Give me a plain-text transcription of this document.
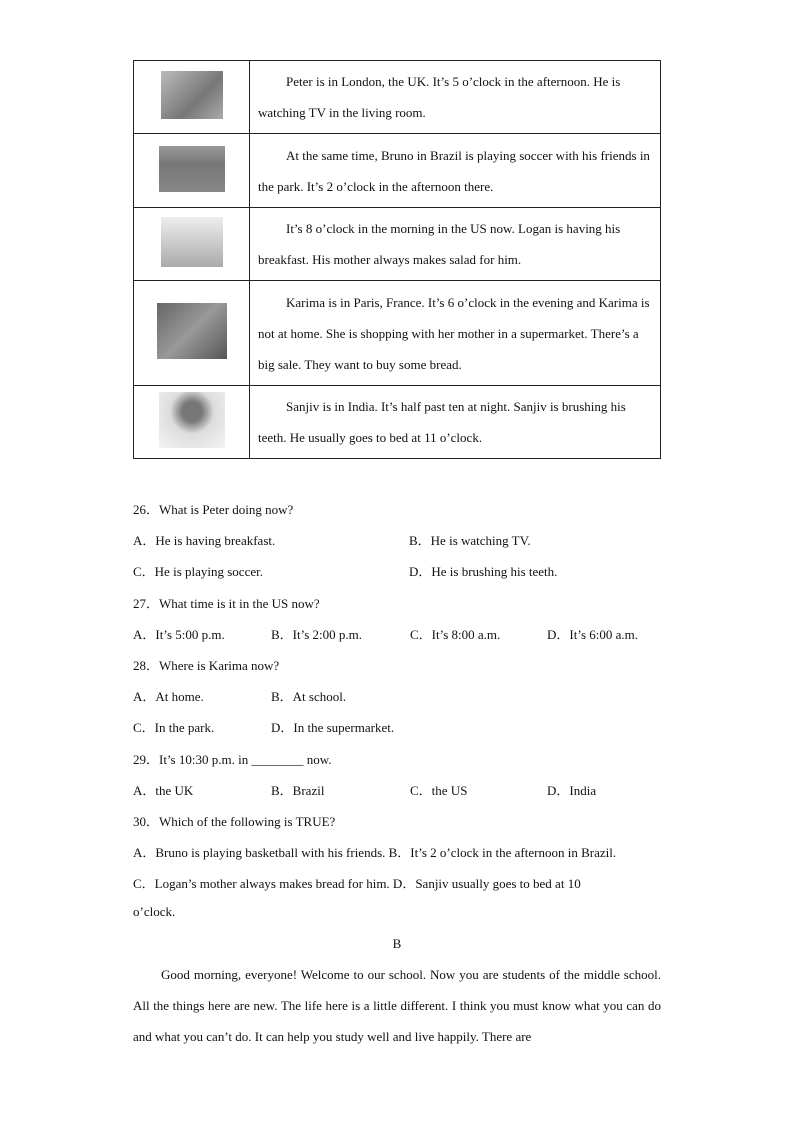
	Peter is in London, the UK. It’s 5 o’clock in the afternoon. He is watching TV in the living room.
	At the same time, Bruno in Brazil is playing soccer with his friends in the park. It’s 2 o’clock in the afternoon there.
	It’s 8 o’clock in the morning in the US now. Logan is having his breakfast. His mother always makes salad for him.
	Karima is in Paris, France. It’s 6 o’clock in the evening and Karima is not at home. She is shopping with her mother in a supermarket. There’s a big sale. They want to buy some bread.
	Sanjiv is in India. It’s half past ten at night. Sanjiv is brushing his teeth. He usually goes to bed at 11 o’clock.
26．What is Peter doing now?
A．He is having breakfast.	B．He is watching TV.
C．He is playing soccer.	D．He is brushing his teeth.
27．What time is it in the US now?
A．It’s 5:00 p.m.	B．It’s 2:00 p.m.	C．It’s 8:00 a.m.	D．It’s 6:00 a.m.
28．Where is Karima now?
A．At home.	B．At school.
C．In the park.	D．In the supermarket.
29．It’s 10:30 p.m. in ________ now.
A．the UK	B．Brazil	C．the US	D．India
30．Which of the following is TRUE?
A．Bruno is playing basketball with his friends. B．It’s 2 o’clock in the afternoon in Brazil.
C．Logan’s mother always makes bread for him. D．Sanjiv usually goes to bed at 10
o’clock.
B
Good morning, everyone! Welcome to our school. Now you are students of the middle school. All the things here are new. The life here is a little different. I think you must know what you can do and what you can’t do. It can help you study well and live happily. There are
